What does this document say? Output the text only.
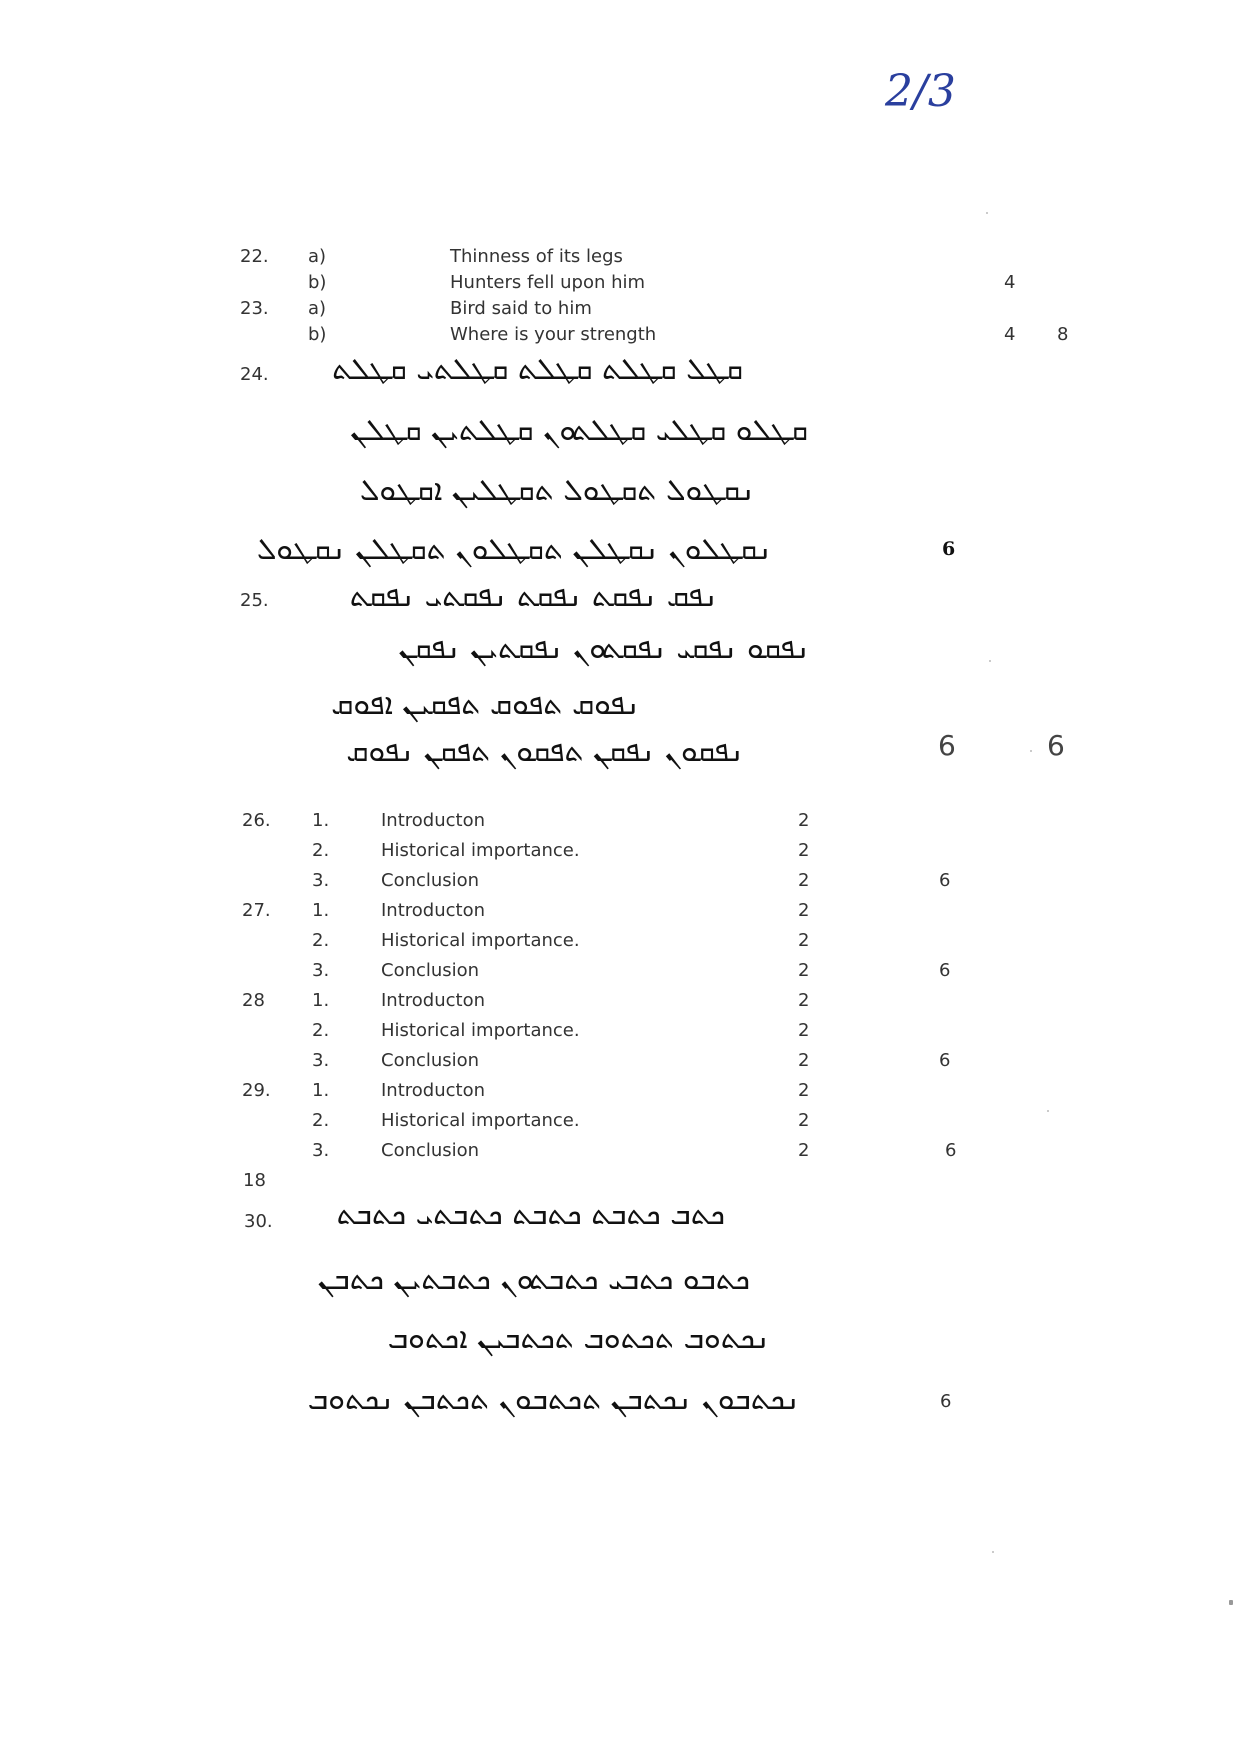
2/3
22. a)	Thinness of its legs
b)	Hunters fell upon him	4
23. a)	Bird said to him
b)	Where is your strength	4 8
24. ܩܛܠ ܩܛܠܬ ܩܛܠܬ ܩܛܠܬܝ ܩܛܠܬ
ܩܛܠܘ ܩܛܠܝ ܩܛܠܬܘܢ ܩܛܠܬܝܢ ܩܛܠܢ
ܢܩܛܘܠ ܬܩܛܘܠ ܬܩܛܠܝܢ ܐܩܛܘܠ
ܢܩܛܠܘܢ ܢܩܛܠܢ ܬܩܛܠܘܢ ܬܩܛܠܢ ܢܩܛܘܠ	6
25.	ܢܦܩ ܢܦܩܬ ܢܦܩܬ ܢܦܩܬܝ ܢܦܩܬ
ܢܦܩܘ ܢܦܩܝ ܢܦܩܬܘܢ ܢܦܩܬܝܢ ܢܦܩܢ
ܢܦܘܩ ܬܦܘܩ ܬܦܩܝܢ ܐܦܘܩ
ܢܦܩܘܢ ܢܦܩܢ ܬܦܩܘܢ ܬܦܩܢ ܢܦܘܩ	6	6
26. 1.	Introducton	2
2.	Historical importance.	2
3.	Conclusion	2	6
27. 1.	Introducton	2
2.	Historical importance.	2
3.	Conclusion	2	6
28	1.	Introducton	2
2.	Historical importance.	2
3.	Conclusion	2	6
29. 1.	Introducton	2
2.	Historical importance.	2
3.	Conclusion	2	6
18
30. ܟܬܒ ܟܬܒܬ ܟܬܒܬ ܟܬܒܬܝ ܟܬܒܬ
ܟܬܒܘ ܟܬܒܝ ܟܬܒܬܘܢ ܟܬܒܬܝܢ ܟܬܒܢ
ܢܟܬܘܒ ܬܟܬܘܒ ܬܟܬܒܝܢ ܐܟܬܘܒ
ܢܟܬܒܘܢ ܢܟܬܒܢ ܬܟܬܒܘܢ ܬܟܬܒܢ ܢܟܬܘܒ	6
